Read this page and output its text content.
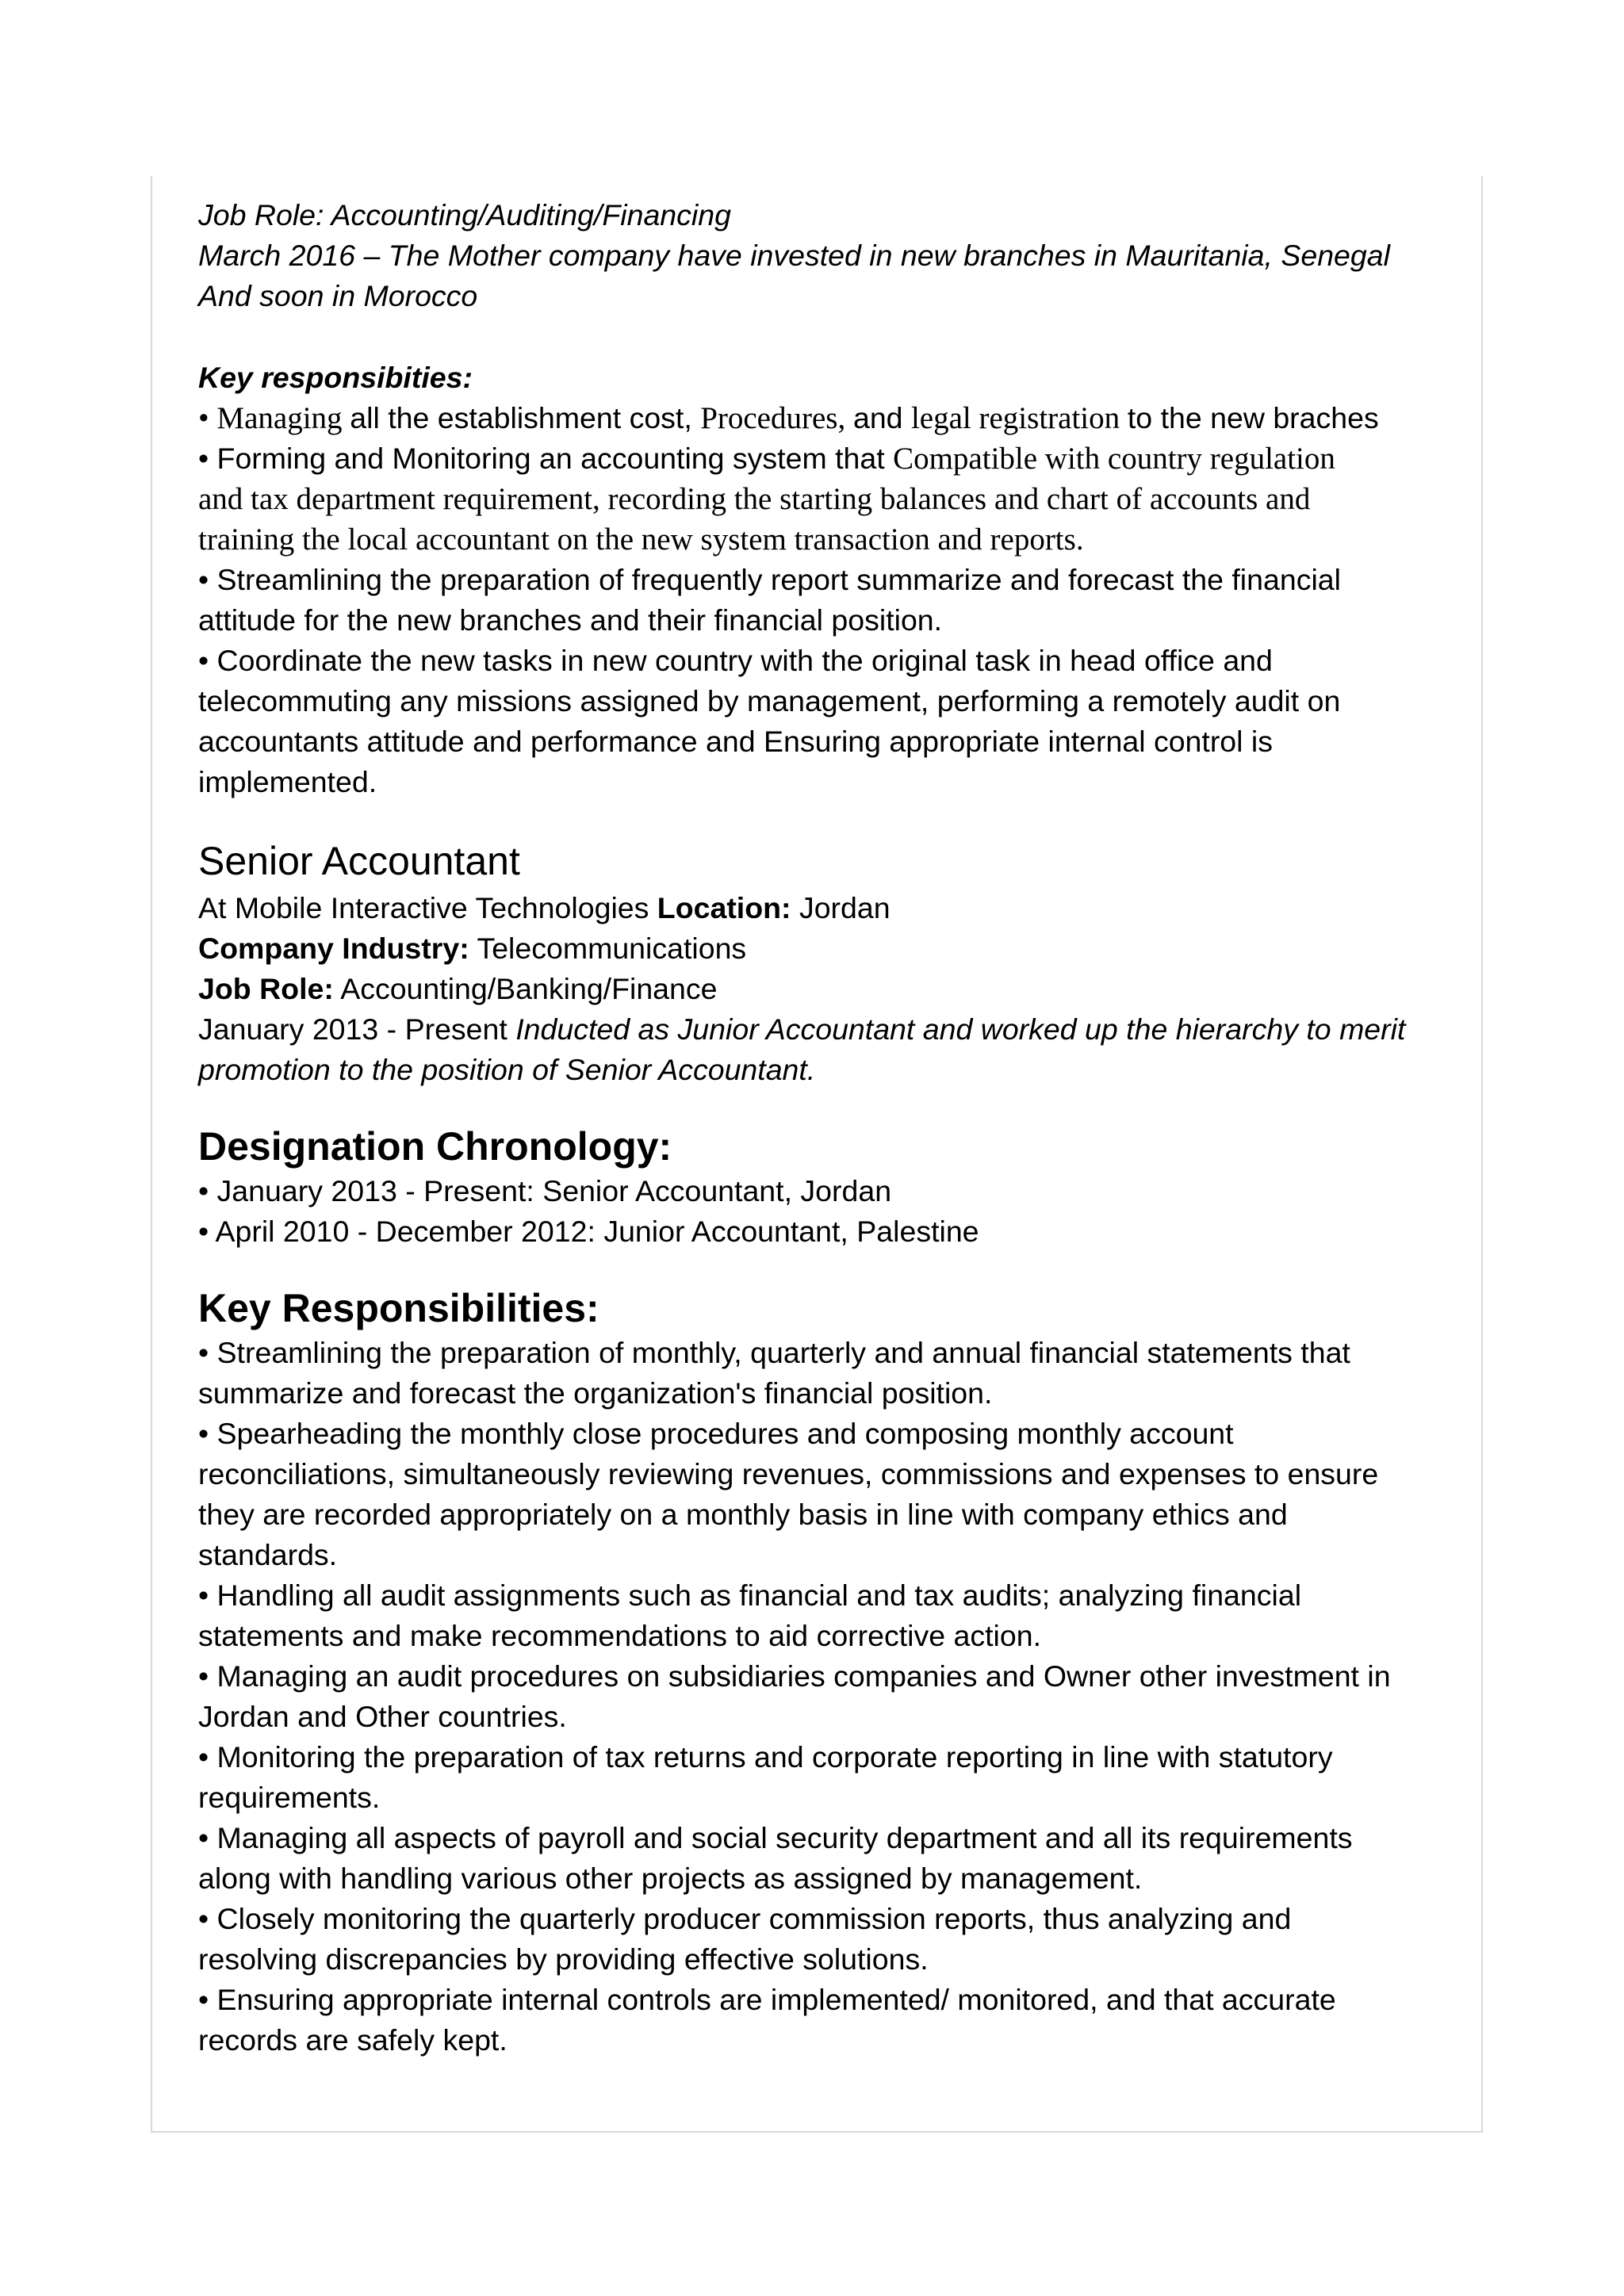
Job Role: Accounting/Auditing/Financing
March 2016 – The Mother company have invested in new branches in Mauritania, Senegal
And soon in Morocco
Key responsibities:
• Managing all the establishment cost, Procedures, and legal registration to the new braches
• Forming and Monitoring an accounting system that Compatible with country regulation
and tax department requirement, recording the starting balances and chart of accounts and
training the local accountant on the new system transaction and reports.
• Streamlining the preparation of frequently report summarize and forecast the financial
attitude for the new branches and their financial position.
• Coordinate the new tasks in new country with the original task in head office and
telecommuting any missions assigned by management, performing a remotely audit on
accountants attitude and performance and Ensuring appropriate internal control is
implemented.
Senior Accountant
At Mobile Interactive Technologies Location: Jordan
Company Industry: Telecommunications
Job Role: Accounting/Banking/Finance
January 2013 - Present Inducted as Junior Accountant and worked up the hierarchy to merit
promotion to the position of Senior Accountant.
Designation Chronology:
• January 2013 - Present: Senior Accountant, Jordan
• April 2010 - December 2012: Junior Accountant, Palestine
Key Responsibilities:
• Streamlining the preparation of monthly, quarterly and annual financial statements that
summarize and forecast the organization's financial position.
• Spearheading the monthly close procedures and composing monthly account
reconciliations, simultaneously reviewing revenues, commissions and expenses to ensure
they are recorded appropriately on a monthly basis in line with company ethics and
standards.
• Handling all audit assignments such as financial and tax audits; analyzing financial
statements and make recommendations to aid corrective action.
• Managing an audit procedures on subsidiaries companies and Owner other investment in
Jordan and Other countries.
• Monitoring the preparation of tax returns and corporate reporting in line with statutory
requirements.
• Managing all aspects of payroll and social security department and all its requirements
along with handling various other projects as assigned by management.
• Closely monitoring the quarterly producer commission reports, thus analyzing and
resolving discrepancies by providing effective solutions.
• Ensuring appropriate internal controls are implemented/ monitored, and that accurate
records are safely kept.
